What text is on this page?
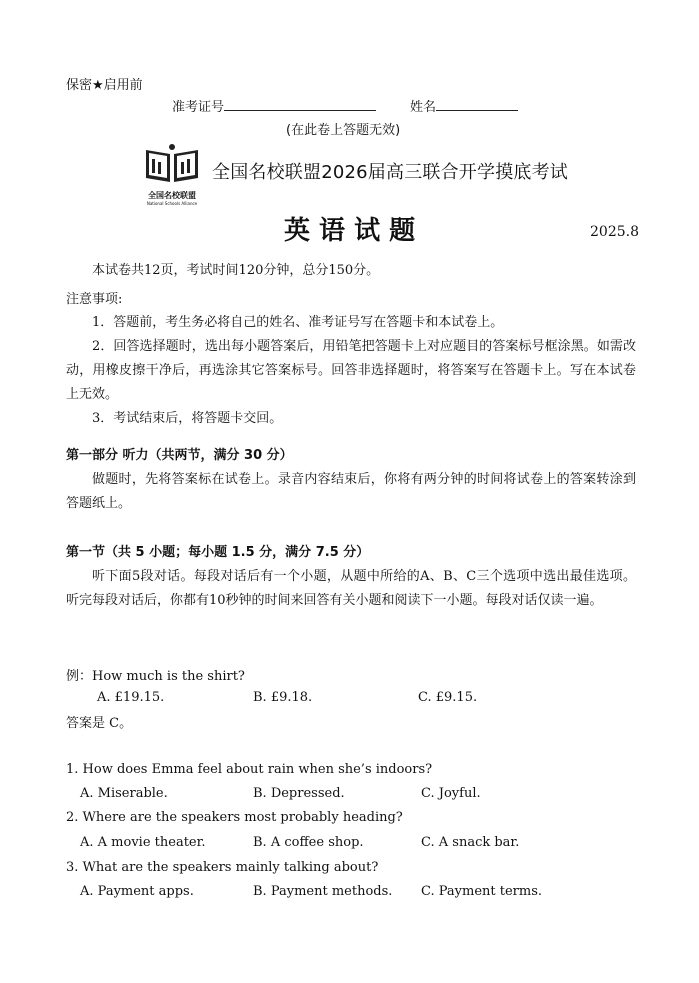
保密★启用前
准考证号	姓名
(在此卷上答题无效)
全国名校联盟
National Schools Alliance
全国名校联盟2026届高三联合开学摸底考试
英 语 试 题	2025.8
本试卷共12页，考试时间120分钟，总分150分。
注意事项:
1．答题前，考生务必将自己的姓名、准考证号写在答题卡和本试卷上。
2．回答选择题时，选出每小题答案后，用铅笔把答题卡上对应题目的答案标号框涂黑。如需改动，用橡皮擦干净后，再选涂其它答案标号。回答非选择题时，将答案写在答题卡上。写在本试卷上无效。
3．考试结束后，将答题卡交回。
第一部分 听力（共两节，满分 30 分）
做题时，先将答案标在试卷上。录音内容结束后，你将有两分钟的时间将试卷上的答案转涂到答题纸上。
第一节（共 5 小题；每小题 1.5 分，满分 7.5 分）
听下面5段对话。每段对话后有一个小题，从题中所给的A、B、C三个选项中选出最佳选项。听完每段对话后，你都有10秒钟的时间来回答有关小题和阅读下一小题。每段对话仅读一遍。
例：How much is the shirt?
A. £19.15.	B. £9.18.	C. £9.15.
答案是 C。
1. How does Emma feel about rain when she’s indoors?
A. Miserable.	B. Depressed.	C. Joyful.
2. Where are the speakers most probably heading?
A. A movie theater.	B. A coffee shop.	C. A snack bar.
3. What are the speakers mainly talking about?
A. Payment apps.	B. Payment methods. C. Payment terms.
